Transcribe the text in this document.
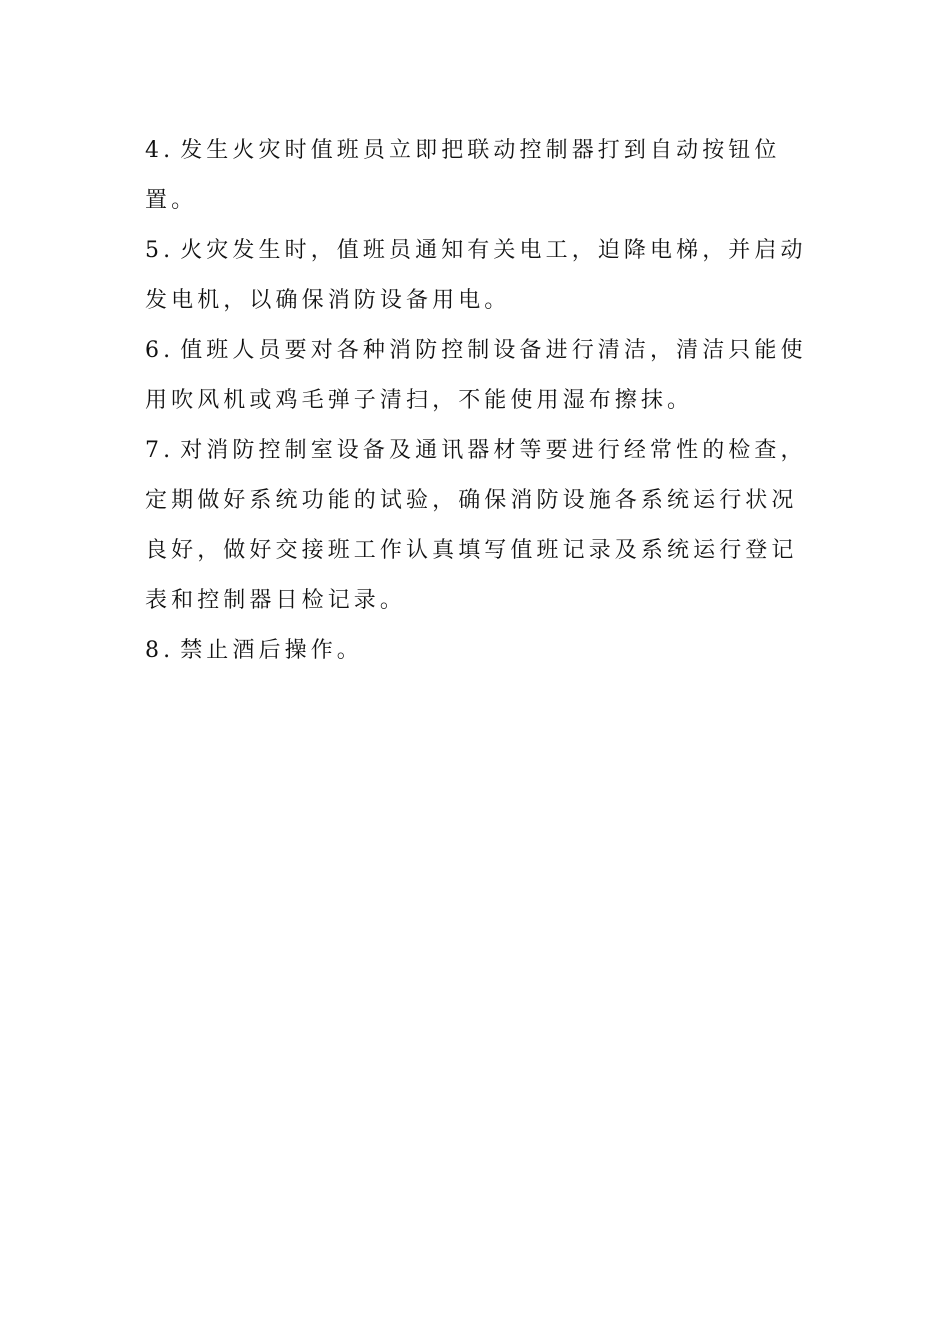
4. 发生火灾时值班员立即把联动控制器打到自动按钮位置。

5. 火灾发生时，值班员通知有关电工，迫降电梯，并启动发电机，以确保消防设备用电。

6. 值班人员要对各种消防控制设备进行清洁，清洁只能使用吹风机或鸡毛弹子清扫，不能使用湿布擦抹。

7. 对消防控制室设备及通讯器材等要进行经常性的检查，定期做好系统功能的试验，确保消防设施各系统运行状况良好，做好交接班工作认真填写值班记录及系统运行登记表和控制器日检记录。

8. 禁止酒后操作。
